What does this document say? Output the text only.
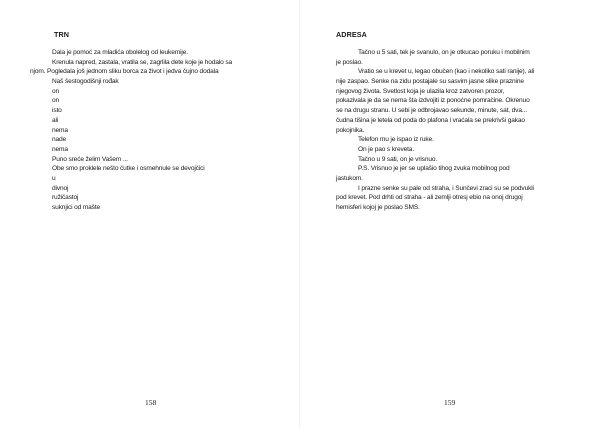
TRN
Dala je pomoć za mladića obolelog od leukemije.
Krenula napred, zastala, vratila se, zagrlila dete koje je hodalo sa
njom. Pogledala još jednom sliku borca za život i jedva čujno dodala
Naš šestogodišnji rođak
on
on
isto
ali
nema
nade
nema
Puno sreće želim Vašem ...
Obe smo proklele nešto čutke i osmehnule se devojčici
u
divnoj
ružičastoj
suknjici od mašte
158
ADRESA
Tačno u 5 sati, tek je svanulo, on je otkucao poruku i mobilnim
je poslao.
Vratio se u krevet u, legao obučen (kao i nekoliko sati ranije), ali
nije zaspao. Senke na zidu postajale su sasvim jasne slike praznine
njegovog života. Svetlost koja je ulazila kroz zatvoren prozor,
pokazivala je da se nema šta izdvojiti iz ponoćne pomračine. Okrenuo
se na drugu stranu. U sebi je odbrojavao sekunde, minute, sat, dva...
čudna tišina je letela od poda do plafona i vraćala se prekrivši gakao
pokojnika.
Telefon mu je ispao iz ruke.
On je pao s kreveta.
Tačno u 9 sati, on je vrisnuo.
P.S. Vrisnuo je jer se uplašio tihog zvuka mobilnog pod
jastukom.
I prazne senke su pale od straha, i Sunčevi zraci su se podvukli
pod krevet. Pod drhti od straha - ali zemlji otresj ebio na onoj drugoj
hemisferi kojoj je poslao SMS.
159
